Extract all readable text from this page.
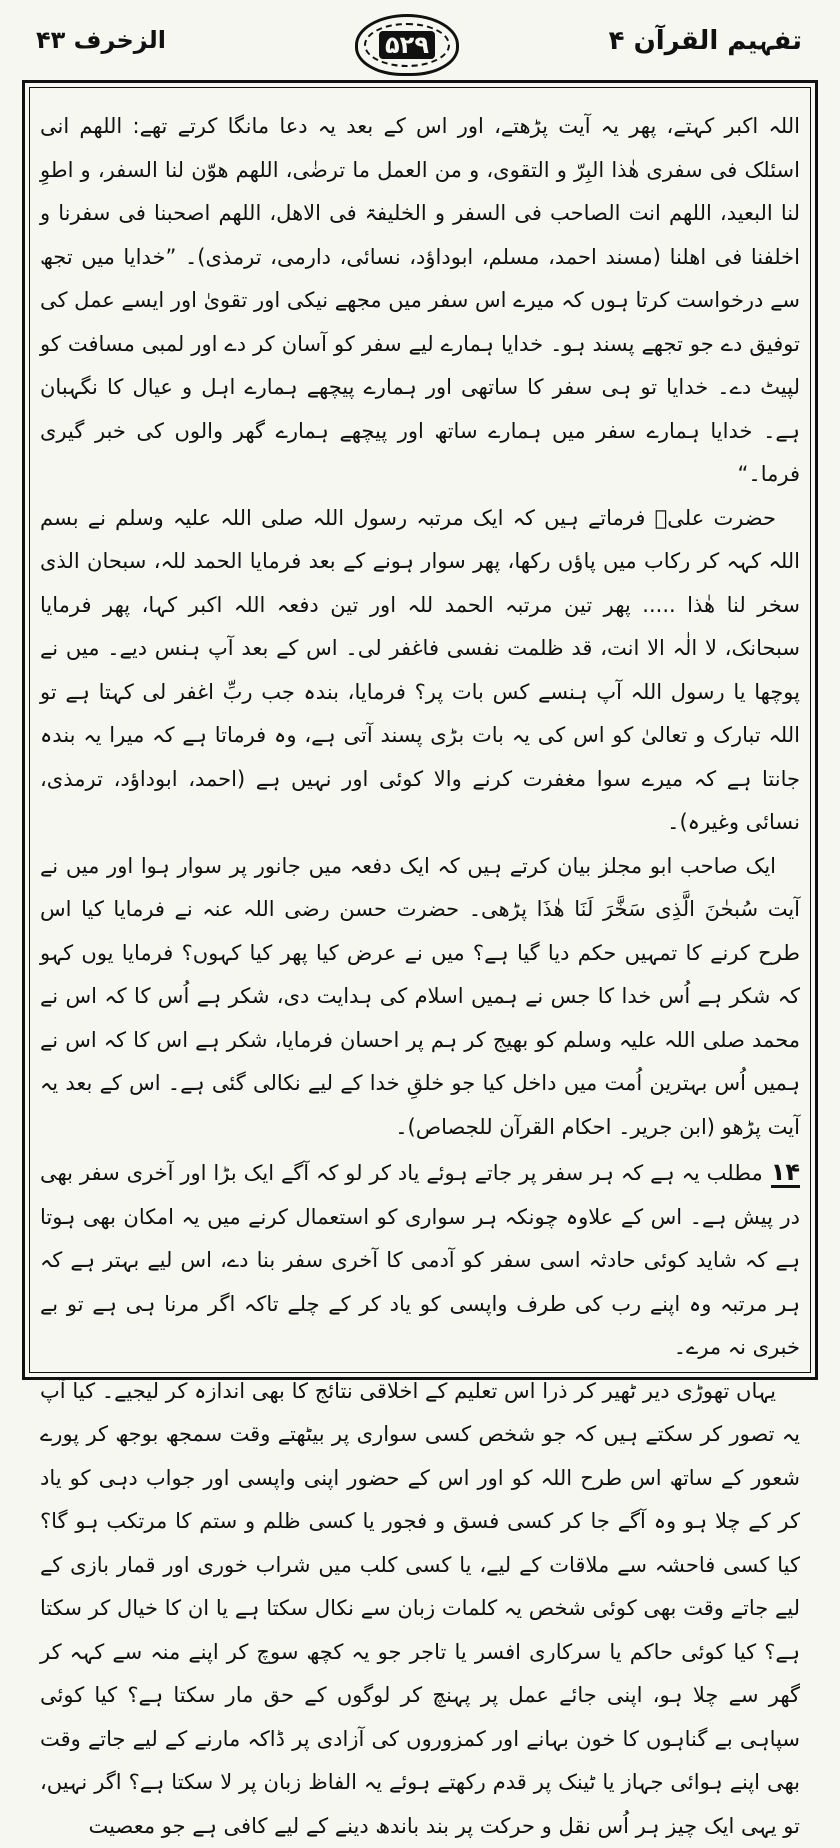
تفہیم القرآن ۴
۵۲۹
الزخرف ۴۳

اللہ اکبر کہتے، پھر یہ آیت پڑھتے، اور اس کے بعد یہ دعا مانگا کرتے تھے: اللھم انی اسئلک فی سفری ھٰذا البِرّ و التقوی، و من العمل ما ترضٰی، اللھم ھوّن لنا السفر، و اطوِ لنا البعید، اللھم انت الصاحب فی السفر و الخلیفۃ فی الاھل، اللھم اصحبنا فی سفرنا و اخلفنا فی اھلنا (مسند احمد، مسلم، ابوداؤد، نسائی، دارمی، ترمذی)۔ ”خدایا میں تجھ سے درخواست کرتا ہوں کہ میرے اس سفر میں مجھے نیکی اور تقویٰ اور ایسے عمل کی توفیق دے جو تجھے پسند ہو۔ خدایا ہمارے لیے سفر کو آسان کر دے اور لمبی مسافت کو لپیٹ دے۔ خدایا تو ہی سفر کا ساتھی اور ہمارے پیچھے ہمارے اہل و عیال کا نگہبان ہے۔ خدایا ہمارے سفر میں ہمارے ساتھ اور پیچھے ہمارے گھر والوں کی خبر گیری فرما۔“

حضرت علیؓ فرماتے ہیں کہ ایک مرتبہ رسول اللہ صلی اللہ علیہ وسلم نے بسم اللہ کہہ کر رکاب میں پاؤں رکھا، پھر سوار ہونے کے بعد فرمایا الحمد للہ، سبحان الذی سخر لنا ھٰذا ..... پھر تین مرتبہ الحمد للہ اور تین دفعہ اللہ اکبر کہا، پھر فرمایا سبحانک، لا الٰہ الا انت، قد ظلمت نفسی فاغفر لی۔ اس کے بعد آپ ہنس دیے۔ میں نے پوچھا یا رسول اللہ آپ ہنسے کس بات پر؟ فرمایا، بندہ جب ربِّ اغفر لی کہتا ہے تو اللہ تبارک و تعالیٰ کو اس کی یہ بات بڑی پسند آتی ہے، وہ فرماتا ہے کہ میرا یہ بندہ جانتا ہے کہ میرے سوا مغفرت کرنے والا کوئی اور نہیں ہے (احمد، ابوداؤد، ترمذی، نسائی وغیرہ)۔

ایک صاحب ابو مجلز بیان کرتے ہیں کہ ایک دفعہ میں جانور پر سوار ہوا اور میں نے آیت سُبحٰنَ الَّذِی سَخَّرَ لَنَا ھٰذَا پڑھی۔ حضرت حسن رضی اللہ عنہ نے فرمایا کیا اس طرح کرنے کا تمہیں حکم دیا گیا ہے؟ میں نے عرض کیا پھر کیا کہوں؟ فرمایا یوں کہو کہ شکر ہے اُس خدا کا جس نے ہمیں اسلام کی ہدایت دی، شکر ہے اُس کا کہ اس نے محمد صلی اللہ علیہ وسلم کو بھیج کر ہم پر احسان فرمایا، شکر ہے اس کا کہ اس نے ہمیں اُس بہترین اُمت میں داخل کیا جو خلقِ خدا کے لیے نکالی گئی ہے۔ اس کے بعد یہ آیت پڑھو (ابن جریر۔ احکام القرآن للجصاص)۔

۱۴مطلب یہ ہے کہ ہر سفر پر جاتے ہوئے یاد کر لو کہ آگے ایک بڑا اور آخری سفر بھی در پیش ہے۔ اس کے علاوہ چونکہ ہر سواری کو استعمال کرنے میں یہ امکان بھی ہوتا ہے کہ شاید کوئی حادثہ اسی سفر کو آدمی کا آخری سفر بنا دے، اس لیے بہتر ہے کہ ہر مرتبہ وہ اپنے رب کی طرف واپسی کو یاد کر کے چلے تاکہ اگر مرنا ہی ہے تو بے خبری نہ مرے۔

یہاں تھوڑی دیر ٹھیر کر ذرا اس تعلیم کے اخلاقی نتائج کا بھی اندازہ کر لیجیے۔ کیا آپ یہ تصور کر سکتے ہیں کہ جو شخص کسی سواری پر بیٹھتے وقت سمجھ بوجھ کر پورے شعور کے ساتھ اس طرح اللہ کو اور اس کے حضور اپنی واپسی اور جواب دہی کو یاد کر کے چلا ہو وہ آگے جا کر کسی فسق و فجور یا کسی ظلم و ستم کا مرتکب ہو گا؟ کیا کسی فاحشہ سے ملاقات کے لیے، یا کسی کلب میں شراب خوری اور قمار بازی کے لیے جاتے وقت بھی کوئی شخص یہ کلمات زبان سے نکال سکتا ہے یا ان کا خیال کر سکتا ہے؟ کیا کوئی حاکم یا سرکاری افسر یا تاجر جو یہ کچھ سوچ کر اپنے منہ سے کہہ کر گھر سے چلا ہو، اپنی جائے عمل پر پہنچ کر لوگوں کے حق مار سکتا ہے؟ کیا کوئی سپاہی بے گناہوں کا خون بہانے اور کمزوروں کی آزادی پر ڈاکہ مارنے کے لیے جاتے وقت بھی اپنے ہوائی جہاز یا ٹینک پر قدم رکھتے ہوئے یہ الفاظ زبان پر لا سکتا ہے؟ اگر نہیں، تو یہی ایک چیز ہر اُس نقل و حرکت پر بند باندھ دینے کے لیے کافی ہے جو معصیت
